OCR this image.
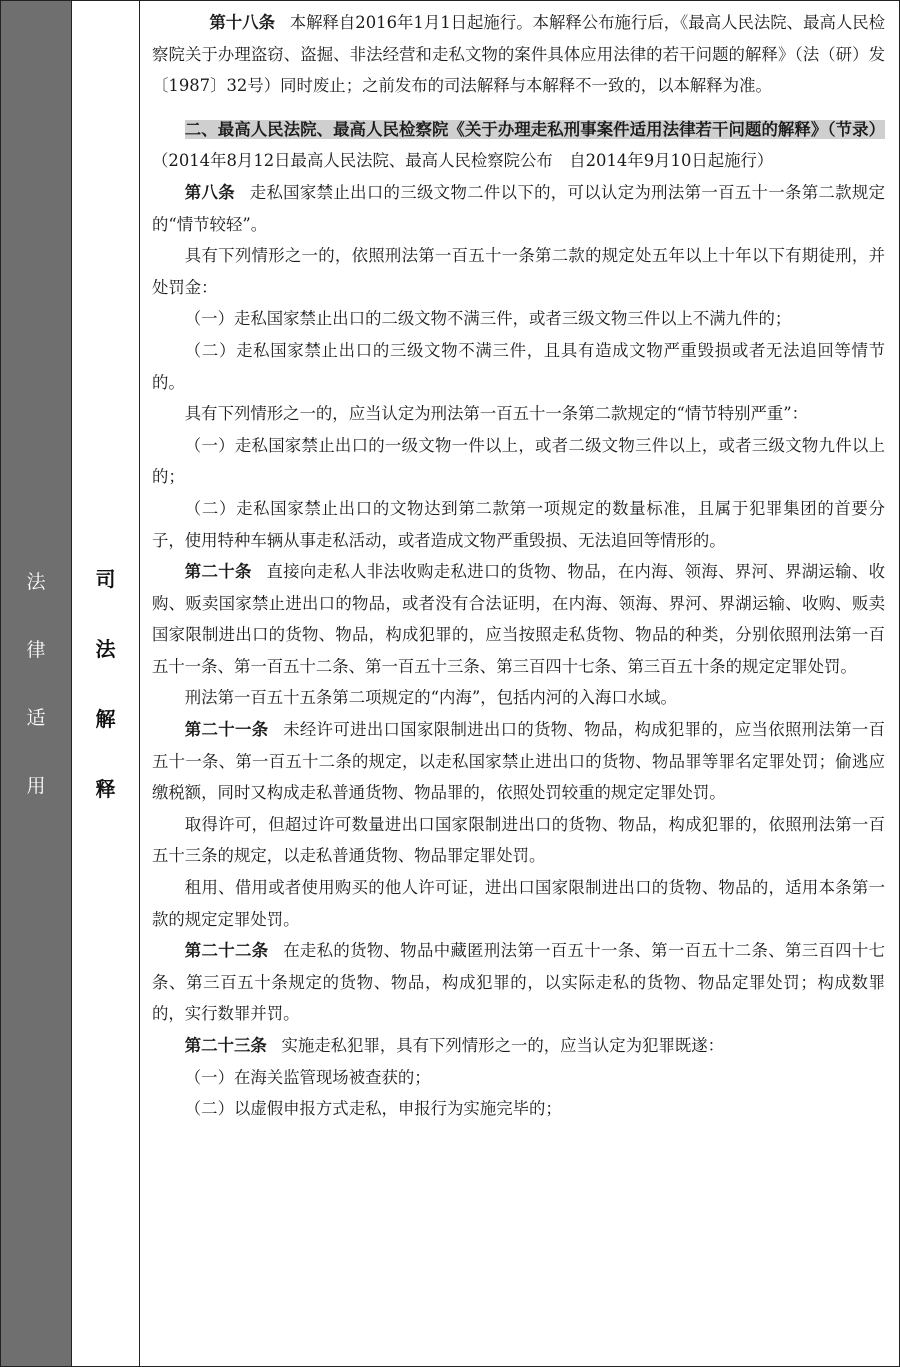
法律适用
司法解释

第十八条 本解释自2016年1月1日起施行。本解释公布施行后，《最高人民法院、最高人民检察院关于办理盗窃、盗掘、非法经营和走私文物的案件具体应用法律的若干问题的解释》（法（研）发〔1987〕32号）同时废止；之前发布的司法解释与本解释不一致的，以本解释为准。

二、最高人民法院、最高人民检察院《关于办理走私刑事案件适用法律若干问题的解释》（节录）（2014年8月12日最高人民法院、最高人民检察院公布　自2014年9月10日起施行）

第八条 走私国家禁止出口的三级文物二件以下的，可以认定为刑法第一百五十一条第二款规定的“情节较轻”。

具有下列情形之一的，依照刑法第一百五十一条第二款的规定处五年以上十年以下有期徒刑，并处罚金：

（一）走私国家禁止出口的二级文物不满三件，或者三级文物三件以上不满九件的；

（二）走私国家禁止出口的三级文物不满三件，且具有造成文物严重毁损或者无法追回等情节的。

具有下列情形之一的，应当认定为刑法第一百五十一条第二款规定的“情节特别严重”：

（一）走私国家禁止出口的一级文物一件以上，或者二级文物三件以上，或者三级文物九件以上的；

（二）走私国家禁止出口的文物达到第二款第一项规定的数量标准，且属于犯罪集团的首要分子，使用特种车辆从事走私活动，或者造成文物严重毁损、无法追回等情形的。

第二十条 直接向走私人非法收购走私进口的货物、物品，在内海、领海、界河、界湖运输、收购、贩卖国家禁止进出口的物品，或者没有合法证明，在内海、领海、界河、界湖运输、收购、贩卖国家限制进出口的货物、物品，构成犯罪的，应当按照走私货物、物品的种类，分别依照刑法第一百五十一条、第一百五十二条、第一百五十三条、第三百四十七条、第三百五十条的规定定罪处罚。

刑法第一百五十五条第二项规定的“内海”，包括内河的入海口水域。

第二十一条 未经许可进出口国家限制进出口的货物、物品，构成犯罪的，应当依照刑法第一百五十一条、第一百五十二条的规定，以走私国家禁止进出口的货物、物品罪等罪名定罪处罚；偷逃应缴税额，同时又构成走私普通货物、物品罪的，依照处罚较重的规定定罪处罚。

取得许可，但超过许可数量进出口国家限制进出口的货物、物品，构成犯罪的，依照刑法第一百五十三条的规定，以走私普通货物、物品罪定罪处罚。

租用、借用或者使用购买的他人许可证，进出口国家限制进出口的货物、物品的，适用本条第一款的规定定罪处罚。

第二十二条 在走私的货物、物品中藏匿刑法第一百五十一条、第一百五十二条、第三百四十七条、第三百五十条规定的货物、物品，构成犯罪的，以实际走私的货物、物品定罪处罚；构成数罪的，实行数罪并罚。

第二十三条 实施走私犯罪，具有下列情形之一的，应当认定为犯罪既遂：

（一）在海关监管现场被查获的；

（二）以虚假申报方式走私，申报行为实施完毕的；
